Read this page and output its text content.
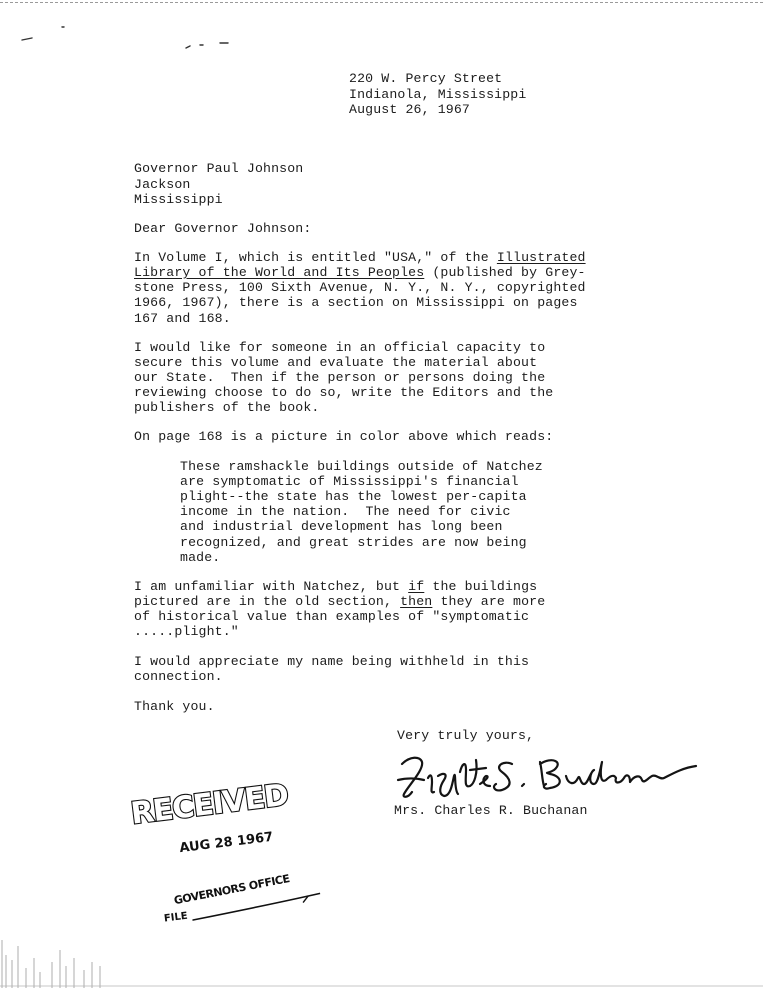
220 W. Percy Street

Indianola, Mississippi

August 26, 1967

Governor Paul Johnson

Jackson

Mississippi

Dear Governor Johnson:

In Volume I, which is entitled "USA," of the Illustrated

Library of the World and Its Peoples (published by Grey-

stone Press, 100 Sixth Avenue, N. Y., N. Y., copyrighted

1966, 1967), there is a section on Mississippi on pages

167 and 168.

I would like for someone in an official capacity to

secure this volume and evaluate the material about

our State.  Then if the person or persons doing the

reviewing choose to do so, write the Editors and the

publishers of the book.

On page 168 is a picture in color above which reads:

These ramshackle buildings outside of Natchez

are symptomatic of Mississippi's financial

plight--the state has the lowest per-capita

income in the nation.  The need for civic

and industrial development has long been

recognized, and great strides are now being

made.

I am unfamiliar with Natchez, but if the buildings

pictured are in the old section, then they are more

of historical value than examples of "symptomatic

.....plight."

I would appreciate my name being withheld in this

connection.

Thank you.

Very truly yours,

Mrs. Charles R. Buchanan

RECEIVED
AUG 28 1967
GOVERNORS OFFICE
FILE
